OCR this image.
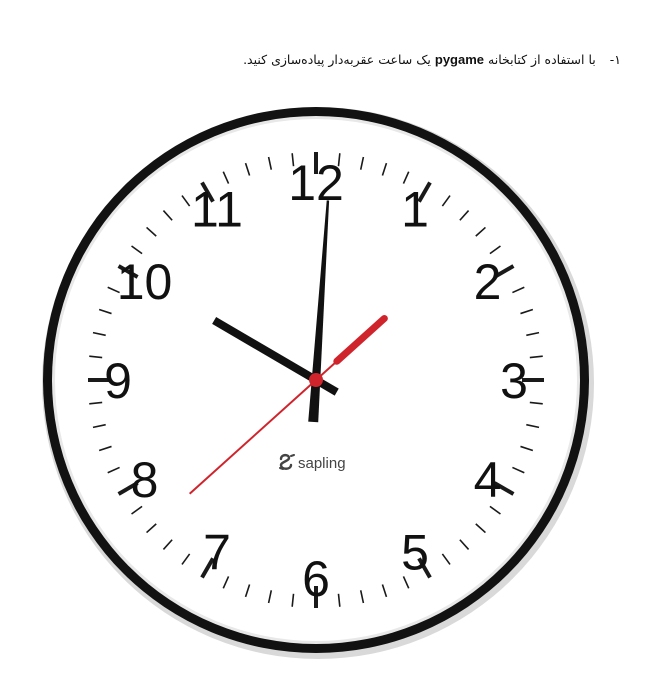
۱- با استفاده از کتابخانه pygame یک ساعت عقربه‌دار پیاده‌سازی کنید.
12 1
2
3
4
5
6
7
8
9
10
11
sapling
